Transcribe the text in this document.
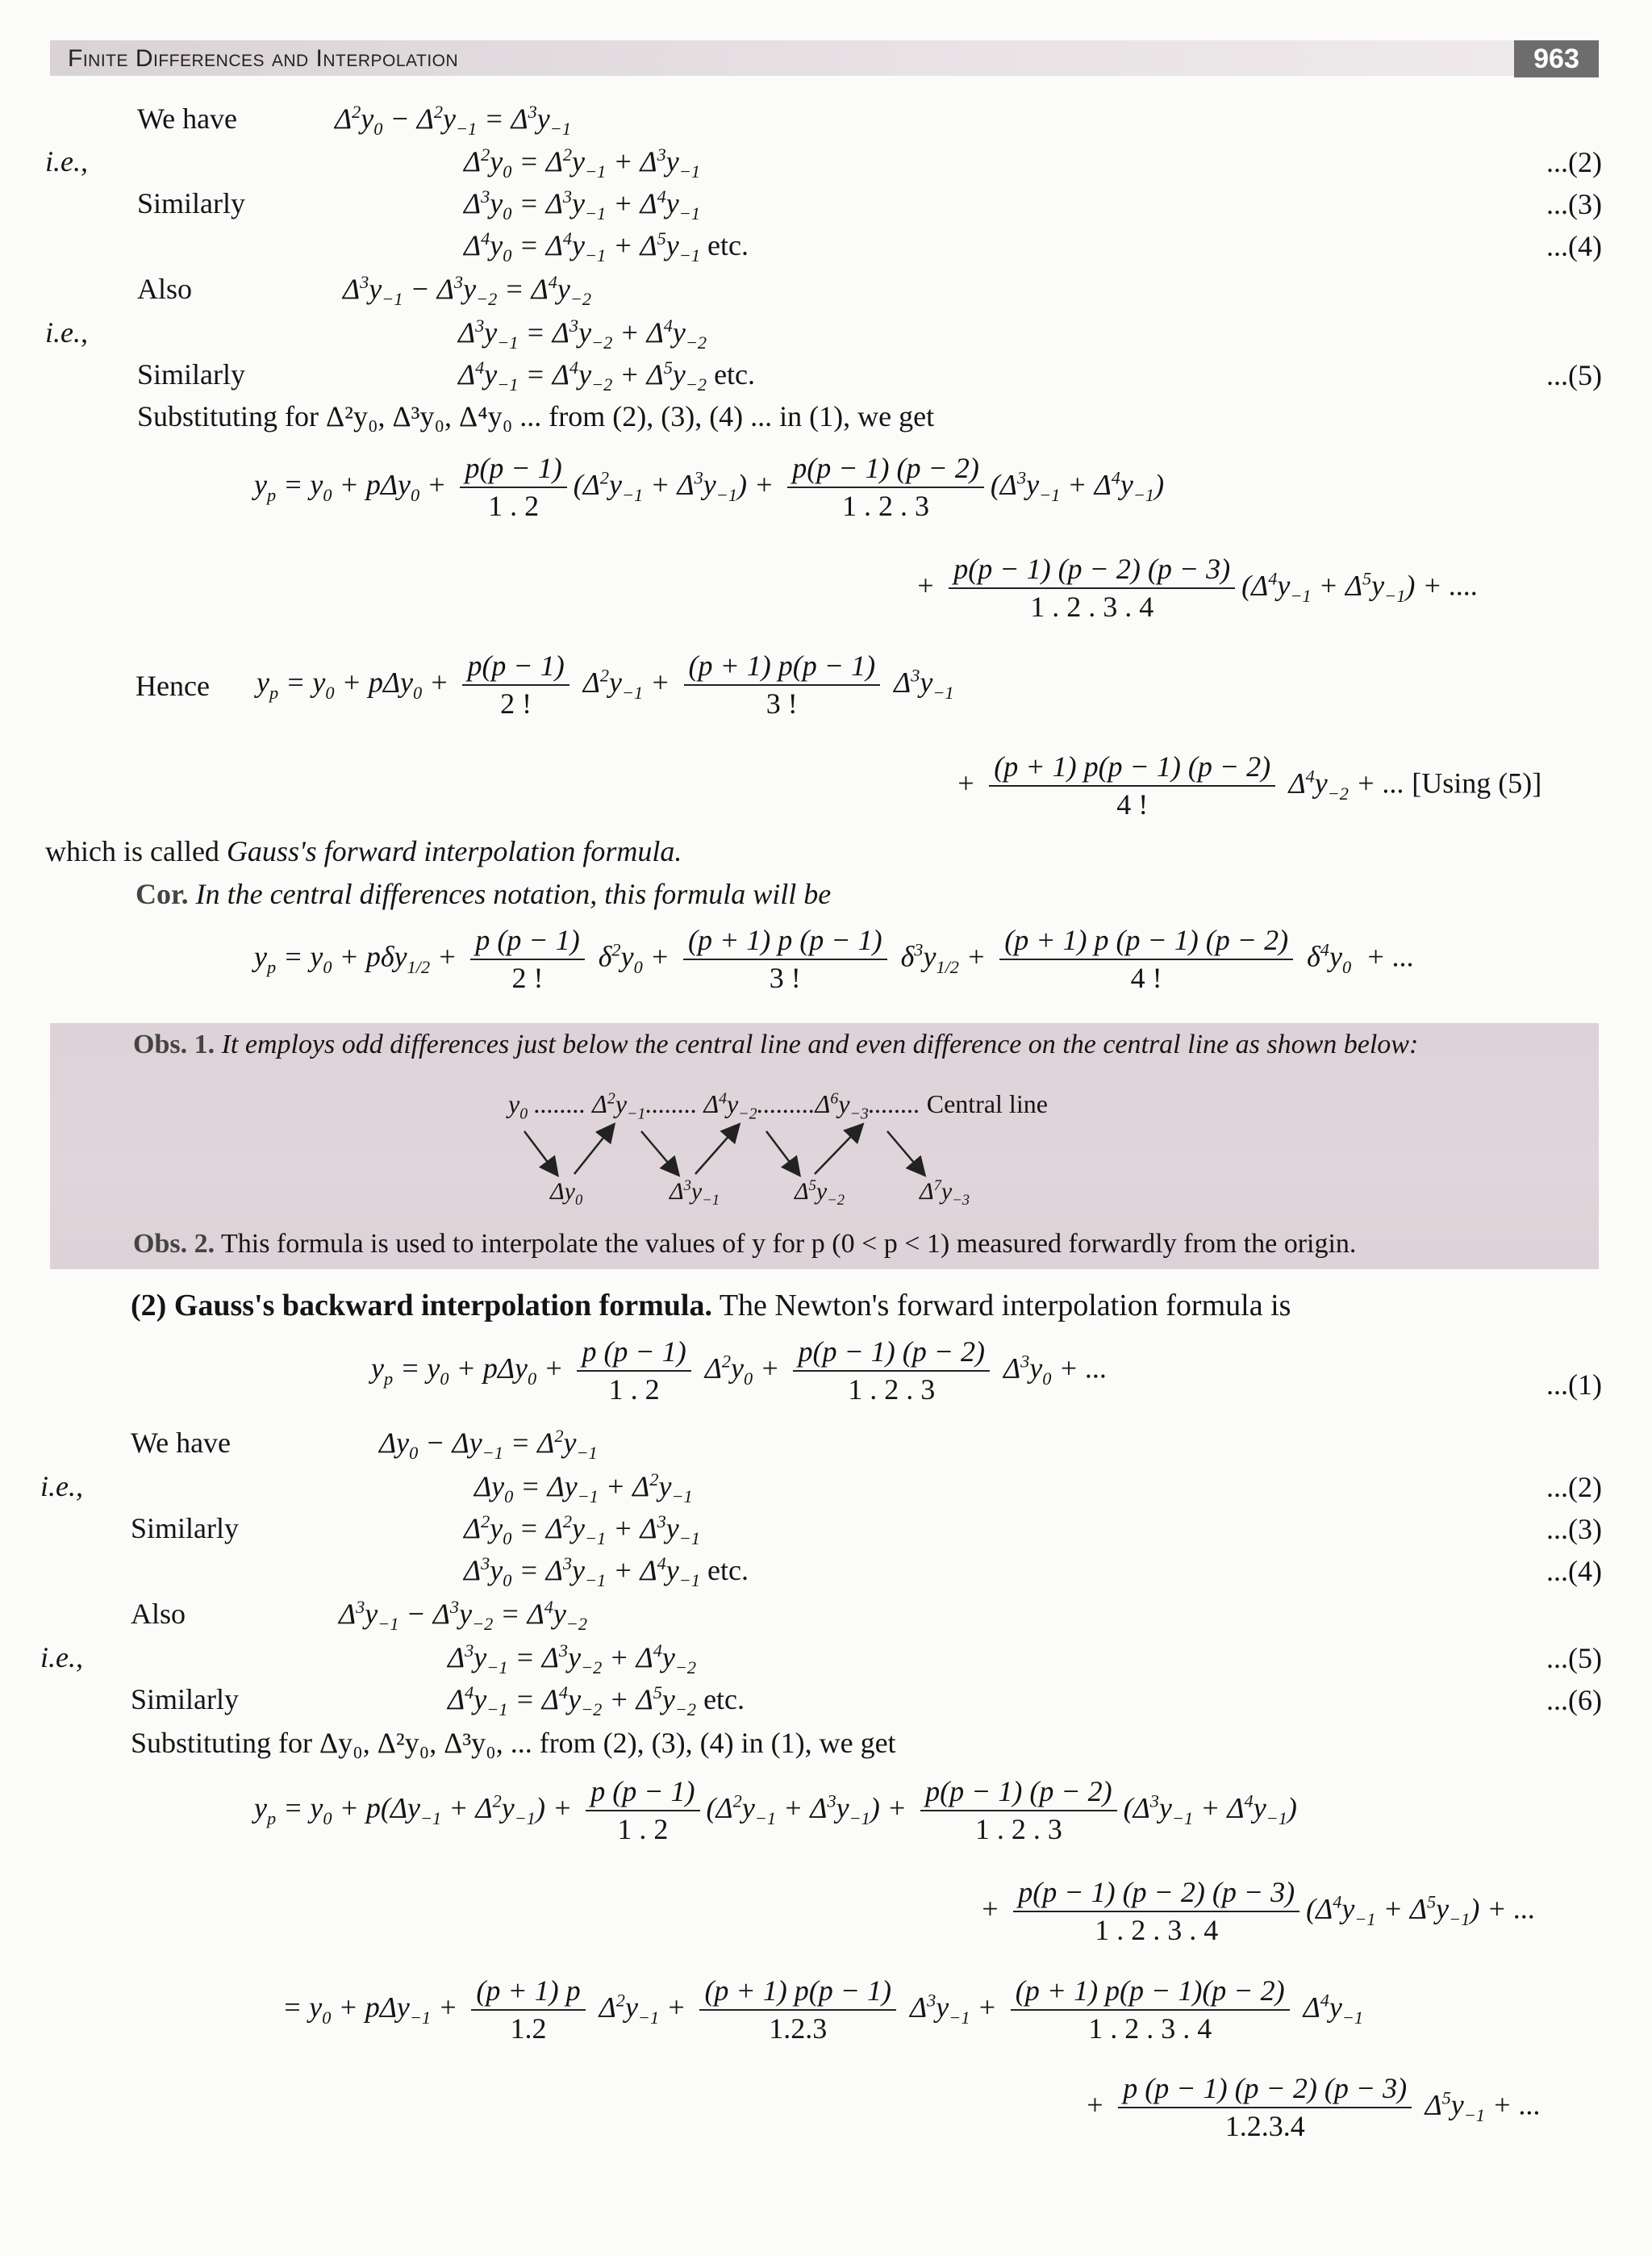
Finite Differences and Interpolation	963
We have	$\Delta^2y_0 - \Delta^2y_{-1} = \Delta^3y_{-1}$
i.e.,	$\Delta^2y_0 = \Delta^2y_{-1} + \Delta^3y_{-1}$	...(2)
Similarly	$\Delta^3y_0 = \Delta^3y_{-1} + \Delta^4y_{-1}$	...(3)
$\Delta^4y_0 = \Delta^4y_{-1} + \Delta^5y_{-1}$ etc.	...(4)
Also	$\Delta^3y_{-1} - \Delta^3y_{-2} = \Delta^4y_{-2}$
i.e.,	$\Delta^3y_{-1} = \Delta^3y_{-2} + \Delta^4y_{-2}$
Similarly	$\Delta^4y_{-1} = \Delta^4y_{-2} + \Delta^5y_{-2}$ etc.	...(5)
Substituting for Δ²y₀, Δ³y₀, Δ⁴y₀ ... from (2), (3), (4) ... in (1), we get
$y_p = y_0 + p\Delta y_0 + \frac{p(p - 1)}{1 . 2} (\Delta^2y_{-1} + \Delta^3y_{-1}) + \frac{p(p - 1) (p - 2)}{1 . 2 . 3} (\Delta^3y_{-1} + \Delta^4y_{-1})$
+ $\frac{p(p - 1) (p - 2) (p - 3)}{1 . 2 . 3 . 4} (\Delta^4y_{-1} + \Delta^5y_{-1})$ + ....
Hence $y_p = y_0 + p\Delta y_0 + \frac{p(p - 1)}{2 !} \Delta^2y_{-1} + \frac{(p + 1) p(p - 1)}{3 !} \Delta^3y_{-1}$
+ $\frac{(p + 1) p(p - 1) (p - 2)}{4 !} \Delta^4y_{-2}$ + ... [Using (5)]
which is called Gauss's forward interpolation formula.
Cor. In the central differences notation, this formula will be
$y_p = y_0 + p\delta y_{1/2} + \frac{p (p - 1)}{2 !} \delta^2y_0 + \frac{(p + 1) p (p - 1)}{3 !} \delta^3y_{1/2} + \frac{(p + 1) p (p - 1) (p - 2)}{4 !} \delta^4y_0$  + ...
Obs. 1. It employs odd differences just below the central line and even difference on the central line as shown below:
$y_0$ ........ $\Delta^2y_{-1}$........ $\Delta^4y_{-2}.........\Delta^6y_{-3}$........ Central line
$\Delta y_0$	$\Delta^3y_{-1}$	$\Delta^5y_{-2}$	$\Delta^7y_{-3}$
Obs. 2. This formula is used to interpolate the values of y for p (0 < p < 1) measured forwardly from the origin.
(2) Gauss's backward interpolation formula. The Newton's forward interpolation formula is
$y_p = y_0 + p\Delta y_0 + \frac{p (p - 1)}{1 . 2} \Delta^2y_0 + \frac{p(p - 1) (p - 2)}{1 . 2 . 3} \Delta^3y_0$ + ...
...(1)
We have	$\Delta y_0 - \Delta y_{-1} = \Delta^2y_{-1}$
i.e.,	$\Delta y_0 = \Delta y_{-1} + \Delta^2y_{-1}$	...(2)
Similarly	$\Delta^2y_0 = \Delta^2y_{-1} + \Delta^3y_{-1}$	...(3)
$\Delta^3y_0 = \Delta^3y_{-1} + \Delta^4y_{-1}$ etc.	...(4)
Also	$\Delta^3y_{-1} - \Delta^3y_{-2} = \Delta^4y_{-2}$
i.e.,	$\Delta^3y_{-1} = \Delta^3y_{-2} + \Delta^4y_{-2}$	...(5)
Similarly	$\Delta^4y_{-1} = \Delta^4y_{-2} + \Delta^5y_{-2}$ etc.	...(6)
Substituting for Δy₀, Δ²y₀, Δ³y₀, ... from (2), (3), (4) in (1), we get
$y_p = y_0 + p(\Delta y_{-1} + \Delta^2y_{-1}) + \frac{p (p - 1)}{1 . 2} (\Delta^2y_{-1} + \Delta^3y_{-1}) + \frac{p(p - 1) (p - 2)}{1 . 2 . 3} (\Delta^3y_{-1} + \Delta^4y_{-1})$
+ $\frac{p(p - 1) (p - 2) (p - 3)}{1 . 2 . 3 . 4} (\Delta^4y_{-1} + \Delta^5y_{-1})$ + ...
= $y_0 + p\Delta y_{-1} + \frac{(p + 1) p}{1.2} \Delta^2y_{-1} + \frac{(p + 1) p(p - 1)}{1.2.3} \Delta^3y_{-1} + \frac{(p + 1) p(p - 1)(p - 2)}{1 . 2 . 3 . 4} \Delta^4y_{-1}$
+ $\frac{p (p - 1) (p - 2) (p - 3)}{1.2.3.4} \Delta^5y_{-1}$ + ...
